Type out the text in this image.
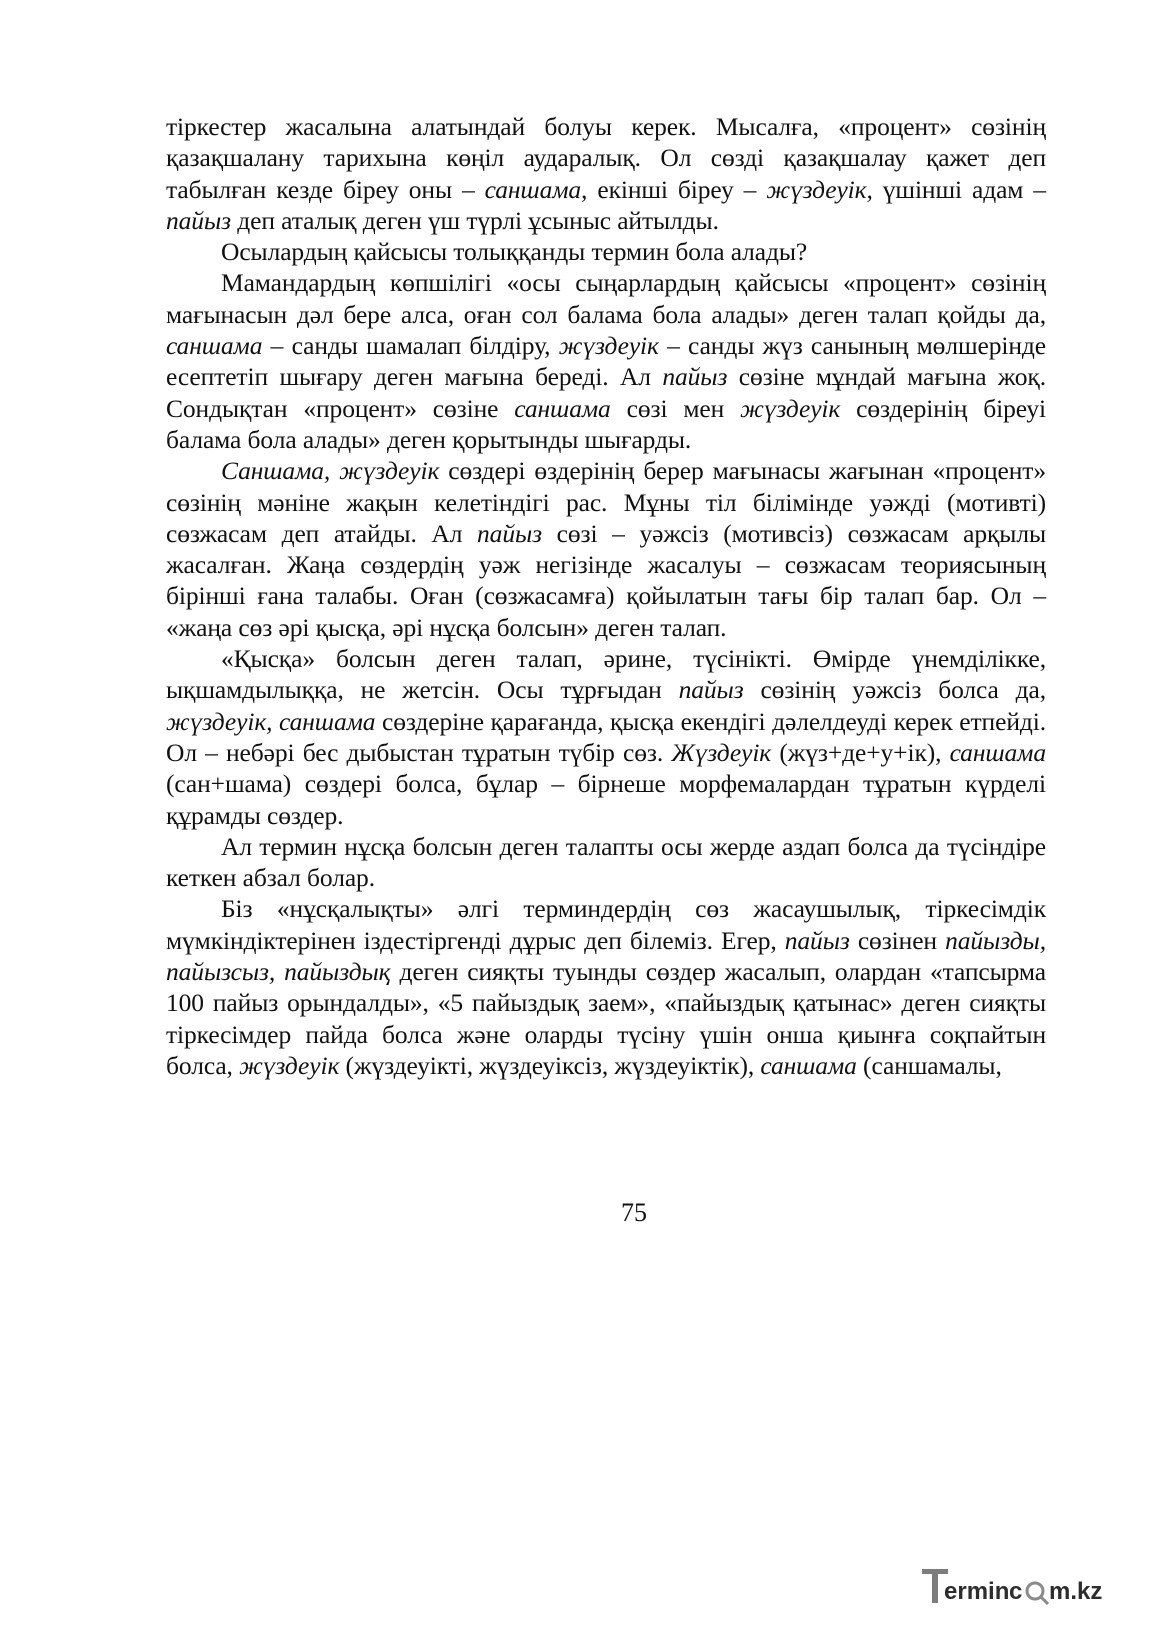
тіркестер жасалына алатындай болуы керек. Мысалға, «процент» сөзінің қазақшалану тарихына көңіл аударалық. Ол сөзді қазақшалау қажет деп табылған кезде біреу оны – саншама, екінші біреу – жүздеуік, үшінші адам – пайыз деп аталық деген үш түрлі ұсыныс айтылды.

Осылардың қайсысы толыққанды термин бола алады?

Мамандардың көпшілігі «осы сыңарлардың қайсысы «процент» сөзінің мағынасын дәл бере алса, оған сол балама бола алады» деген талап қойды да, саншама – санды шамалап білдіру, жүздеуік – санды жүз санының мөлшерінде есептетіп шығару деген мағына береді. Ал пайыз сөзіне мұндай мағына жоқ. Сондықтан «процент» сөзіне саншама сөзі мен жүздеуік сөздерінің біреуі балама бола алады» деген қорытынды шығарды.

Саншама, жүздеуік сөздері өздерінің берер мағынасы жағынан «процент» сөзінің мәніне жақын келетіндігі рас. Мұны тіл білімінде уәжді (мотивті) сөзжасам деп атайды. Ал пайыз сөзі – уәжсіз (мотивсіз) сөзжасам арқылы жасалған. Жаңа сөздердің уәж негізінде жасалуы – сөзжасам теориясының бірінші ғана талабы. Оған (сөзжасамға) қойылатын тағы бір талап бар. Ол – «жаңа сөз әрі қысқа, әрі нұсқа болсын» деген талап.

«Қысқа» болсын деген талап, әрине, түсінікті. Өмірде үнемділікке, ықшамдылыққа, не жетсін. Осы тұрғыдан пайыз сөзінің уәжсіз болса да, жүздеуік, саншама сөздеріне қарағанда, қысқа екендігі дәлелдеуді керек етпейді. Ол – небәрі бес дыбыстан тұратын түбір сөз. Жүздеуік (жүз+де+у+ік), саншама (сан+шама) сөздері болса, бұлар – бірнеше морфемалардан тұратын күрделі құрамды сөздер.

Ал термин нұсқа болсын деген талапты осы жерде аздап болса да түсіндіре кеткен абзал болар.

Біз «нұсқалықты» әлгі терминдердің сөз жасаушылық, тіркесімдік мүмкіндіктерінен іздестіргенді дұрыс деп білеміз. Егер, пайыз сөзінен пайызды, пайызсыз, пайыздық деген сияқты туынды сөздер жасалып, олардан «тапсырма 100 пайыз орындалды», «5 пайыздық заем», «пайыздық қатынас» деген сияқты тіркесімдер пайда болса және оларды түсіну үшін онша қиынға соқпайтын болса, жүздеуік (жүздеуікті, жүздеуіксіз, жүздеуіктік), саншама (саншамалы,

75
ermin c m.kz
